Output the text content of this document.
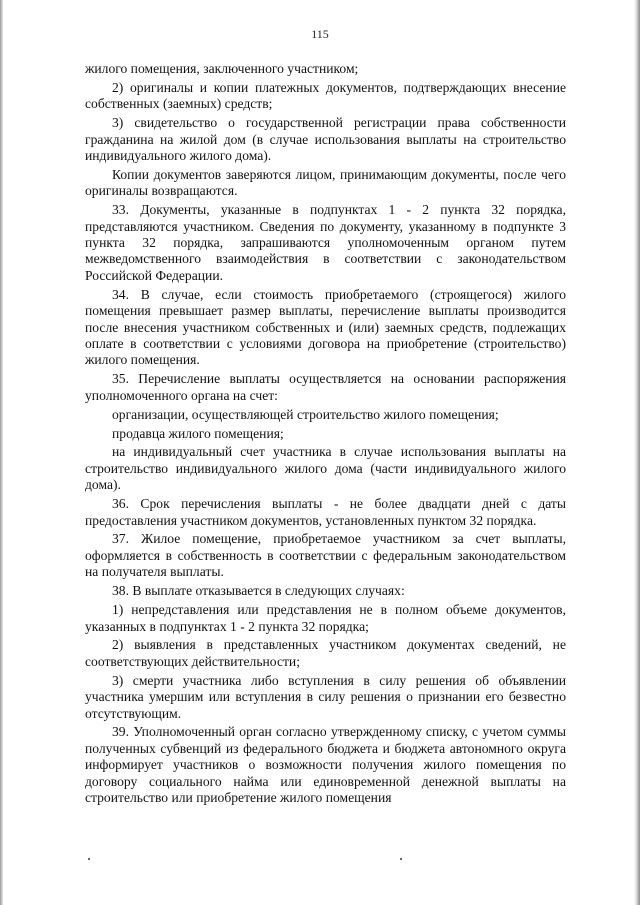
115

жилого помещения, заключенного участником;

2) оригиналы и копии платежных документов, подтверждающих внесение собственных (заемных) средств;

3) свидетельство о государственной регистрации права собственности гражданина на жилой дом (в случае использования выплаты на строительство индивидуального жилого дома).

Копии документов заверяются лицом, принимающим документы, после чего оригиналы возвращаются.

33. Документы, указанные в подпунктах 1 - 2 пункта 32 порядка, представляются участником. Сведения по документу, указанному в подпункте 3 пункта 32 порядка, запрашиваются уполномоченным органом путем межведомственного взаимодействия в соответствии с законодательством Российской Федерации.

34. В случае, если стоимость приобретаемого (строящегося) жилого помещения превышает размер выплаты, перечисление выплаты производится после внесения участником собственных и (или) заемных средств, подлежащих оплате в соответствии с условиями договора на приобретение (строительство) жилого помещения.

35. Перечисление выплаты осуществляется на основании распоряжения уполномоченного органа на счет:

организации, осуществляющей строительство жилого помещения;

продавца жилого помещения;

на индивидуальный счет участника в случае использования выплаты на строительство индивидуального жилого дома (части индивидуального жилого дома).

36. Срок перечисления выплаты - не более двадцати дней с даты предоставления участником документов, установленных пунктом 32 порядка.

37. Жилое помещение, приобретаемое участником за счет выплаты, оформляется в собственность в соответствии с федеральным законодательством на получателя выплаты.

38. В выплате отказывается в следующих случаях:

1) непредставления или представления не в полном объеме документов, указанных в подпунктах 1 - 2 пункта 32 порядка;

2) выявления в представленных участником документах сведений, не соответствующих действительности;

3) смерти участника либо вступления в силу решения об объявлении участника умершим или вступления в силу решения о признании его безвестно отсутствующим.

39. Уполномоченный орган согласно утвержденному списку, с учетом суммы полученных субвенций из федерального бюджета и бюджета автономного округа информирует участников о возможности получения жилого помещения по договору социального найма или единовременной денежной выплаты на строительство или приобретение жилого помещения
